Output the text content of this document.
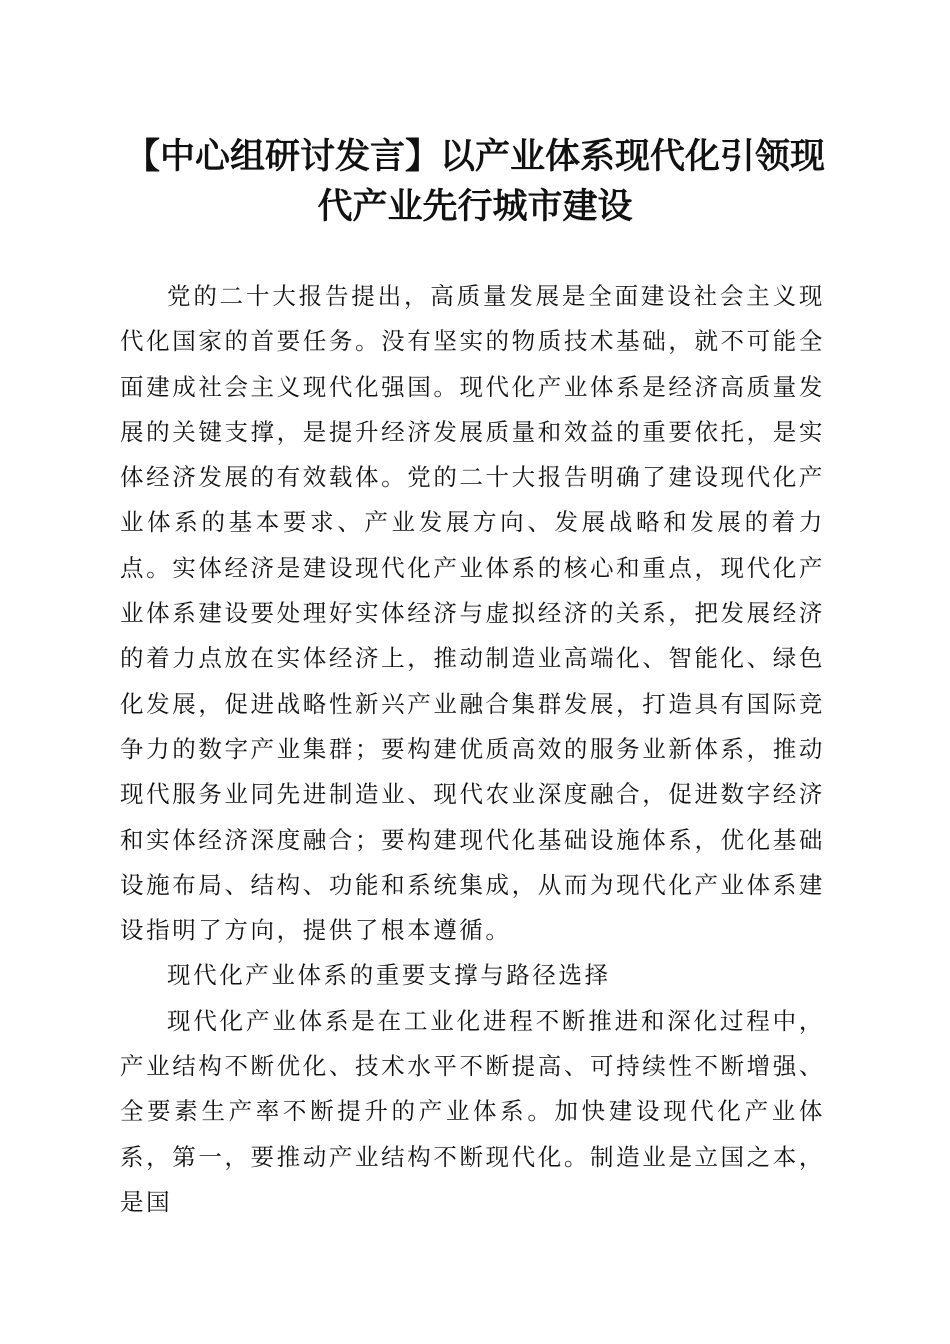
【中心组研讨发言】以产业体系现代化引领现代产业先行城市建设

党的二十大报告提出，高质量发展是全面建设社会主义现代化国家的首要任务。没有坚实的物质技术基础，就不可能全面建成社会主义现代化强国。现代化产业体系是经济高质量发展的关键支撑，是提升经济发展质量和效益的重要依托，是实体经济发展的有效载体。党的二十大报告明确了建设现代化产业体系的基本要求、产业发展方向、发展战略和发展的着力点。实体经济是建设现代化产业体系的核心和重点，现代化产业体系建设要处理好实体经济与虚拟经济的关系，把发展经济的着力点放在实体经济上，推动制造业高端化、智能化、绿色化发展，促进战略性新兴产业融合集群发展，打造具有国际竞争力的数字产业集群；要构建优质高效的服务业新体系，推动现代服务业同先进制造业、现代农业深度融合，促进数字经济和实体经济深度融合；要构建现代化基础设施体系，优化基础设施布局、结构、功能和系统集成，从而为现代化产业体系建设指明了方向，提供了根本遵循。

现代化产业体系的重要支撑与路径选择

现代化产业体系是在工业化进程不断推进和深化过程中，产业结构不断优化、技术水平不断提高、可持续性不断增强、全要素生产率不断提升的产业体系。加快建设现代化产业体系，第一，要推动产业结构不断现代化。制造业是立国之本，是国
